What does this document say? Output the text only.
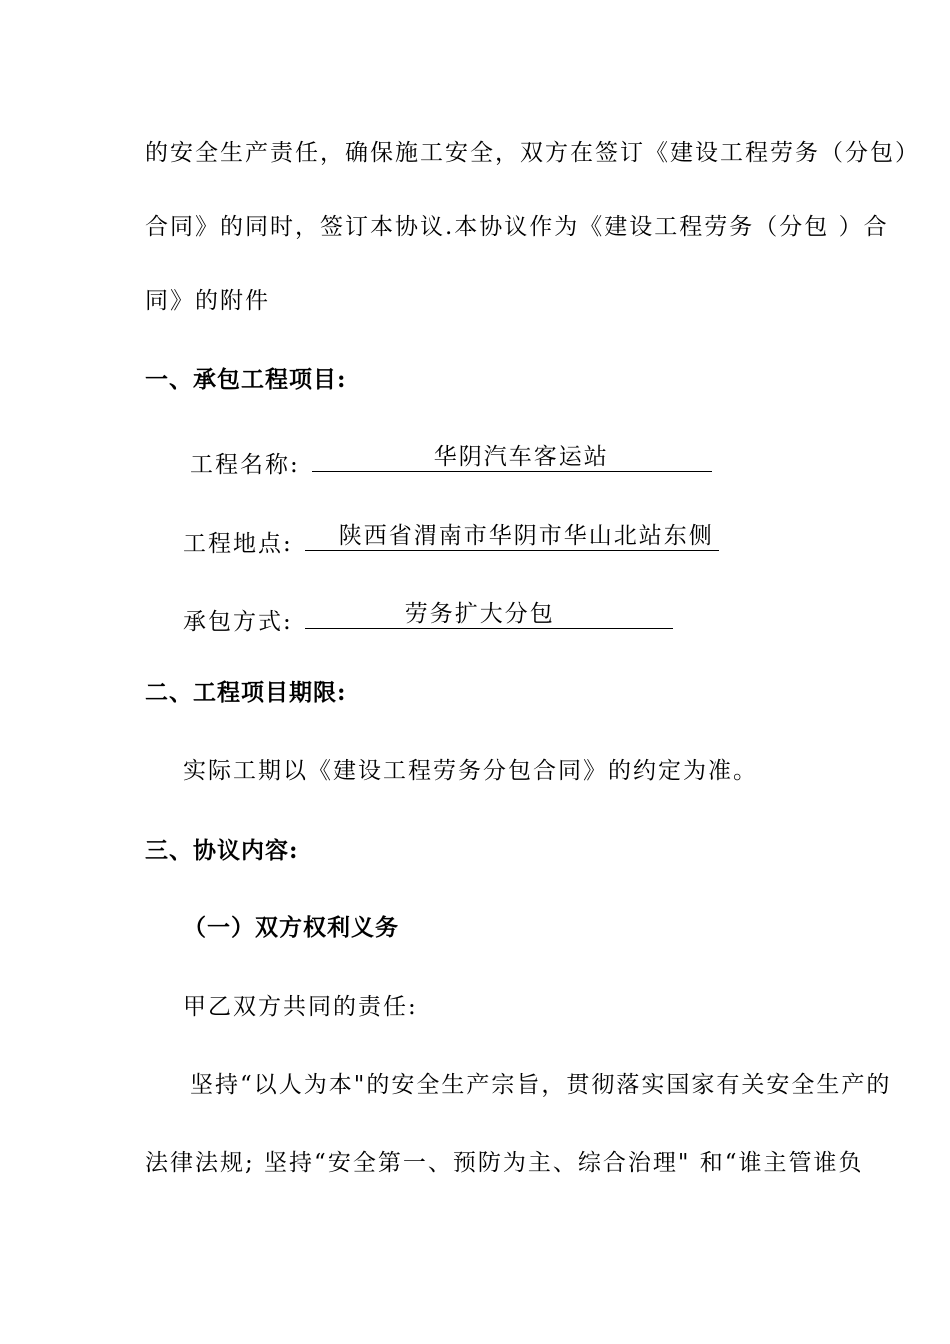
的安全生产责任，确保施工安全，双方在签订《建设工程劳务（分包）
合同》的同时，签订本协议.本协议作为《建设工程劳务（分包 ）合
同》的附件
一、承包工程项目:
工程名称:	华阴汽车客运站
工程地点: 陕西省渭南市华阴市华山北站东侧
承包方式:	劳务扩大分包
二、工程项目期限:
实际工期以《建设工程劳务分包合同》的约定为准。
三、协议内容:
（一）双方权利义务
甲乙双方共同的责任:
坚持“以人为本"的安全生产宗旨，贯彻落实国家有关安全生产的
法律法规; 坚持“安全第一、预防为主、综合治理" 和“谁主管谁负
